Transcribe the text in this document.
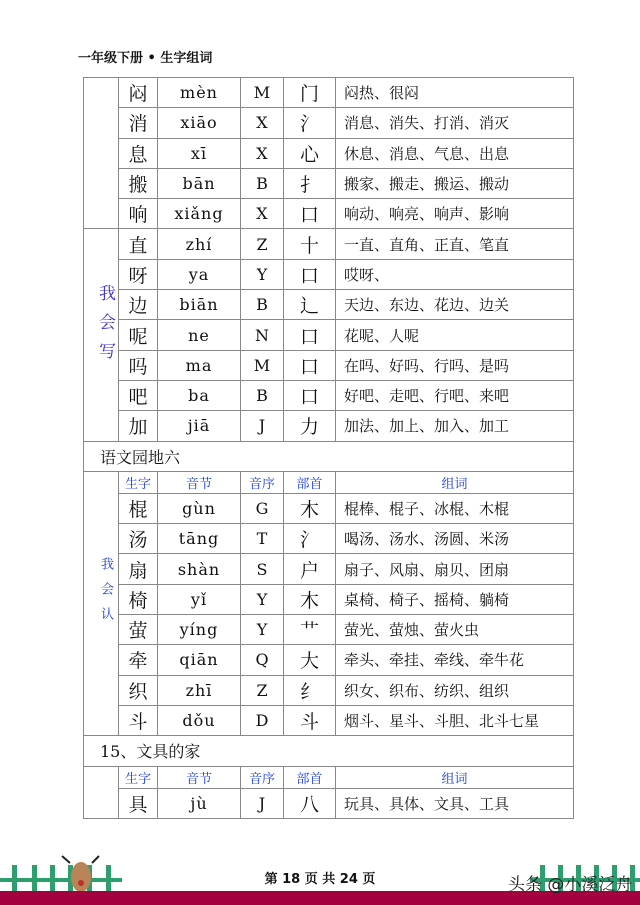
一年级下册 • 生字组词
	闷	mèn	M	门	闷热、很闷
	消	xiāo	X	氵	消息、消失、打消、消灭
	息	xī	X	心	休息、消息、气息、出息
	搬	bān	B	扌	搬家、搬走、搬运、搬动
	响	xiǎng	X	口	响动、响亮、响声、影响
我会写	直	zhí	Z	十	一直、直角、正直、笔直
	呀	ya	Y	口	哎呀、
	边	biān	B	辶	天边、东边、花边、边关
	呢	ne	N	口	花呢、人呢
	吗	ma	M	口	在吗、好吗、行吗、是吗
	吧	ba	B	口	好吧、走吧、行吧、来吧
	加	jiā	J	力	加法、加上、加入、加工
语文园地六					
我会认	生字	音节	音序	部首	组词
	棍	gùn	G	木	棍棒、棍子、冰棍、木棍
	汤	tāng	T	氵	喝汤、汤水、汤圆、米汤
	扇	shàn	S	户	扇子、风扇、扇贝、团扇
	椅	yǐ	Y	木	桌椅、椅子、摇椅、躺椅
	萤	yíng	Y	艹	萤光、萤烛、萤火虫
	牵	qiān	Q	大	牵头、牵挂、牵线、牵牛花
	织	zhī	Z	纟	织女、织布、纺织、组织
	斗	dǒu	D	斗	烟斗、星斗、斗胆、北斗七星
15、文具的家					
	生字	音节	音序	部首	组词
	具	jù	J	八	玩具、具体、文具、工具
第 18 页 共 24 页	头条 @小溪泛舟
